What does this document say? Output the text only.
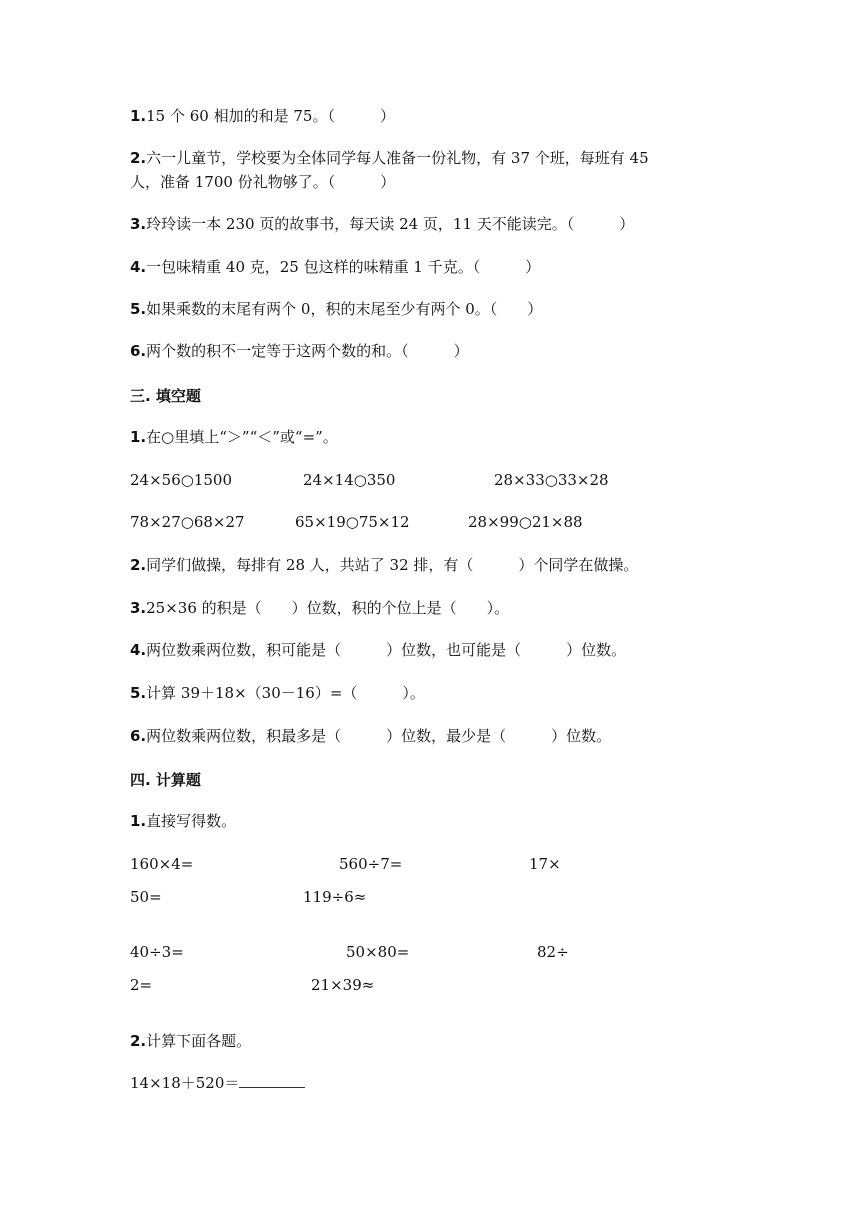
1.15 个 60 相加的和是 75。（　　　）
2.六一儿童节，学校要为全体同学每人准备一份礼物，有 37 个班，每班有 45
人，准备 1700 份礼物够了。（　　　）
3.玲玲读一本 230 页的故事书，每天读 24 页，11 天不能读完。（　　　）
4.一包味精重 40 克，25 包这样的味精重 1 千克。（　　　）
5.如果乘数的末尾有两个 0，积的末尾至少有两个 0。（　　）
6.两个数的积不一定等于这两个数的和。（　　　）
三. 填空题
1.在○里填上“＞”“＜”或“=”。
24×56○1500	24×14○350	28×33○33×28
78×27○68×27	65×19○75×12	28×99○21×88
2.同学们做操，每排有 28 人，共站了 32 排，有（　　　）个同学在做操。
3.25×36 的积是（　　）位数，积的个位上是（　　）。
4.两位数乘两位数，积可能是（　　　）位数，也可能是（　　　）位数。
5.计算 39＋18×（30－16）=（　　　）。
6.两位数乘两位数，积最多是（　　　）位数，最少是（　　　）位数。
四. 计算题
1.直接写得数。
160×4=	560÷7=	17×
50=	119÷6≈
40÷3=	50×80=	82÷
2=	21×39≈
2.计算下面各题。
14×18＋520＝
